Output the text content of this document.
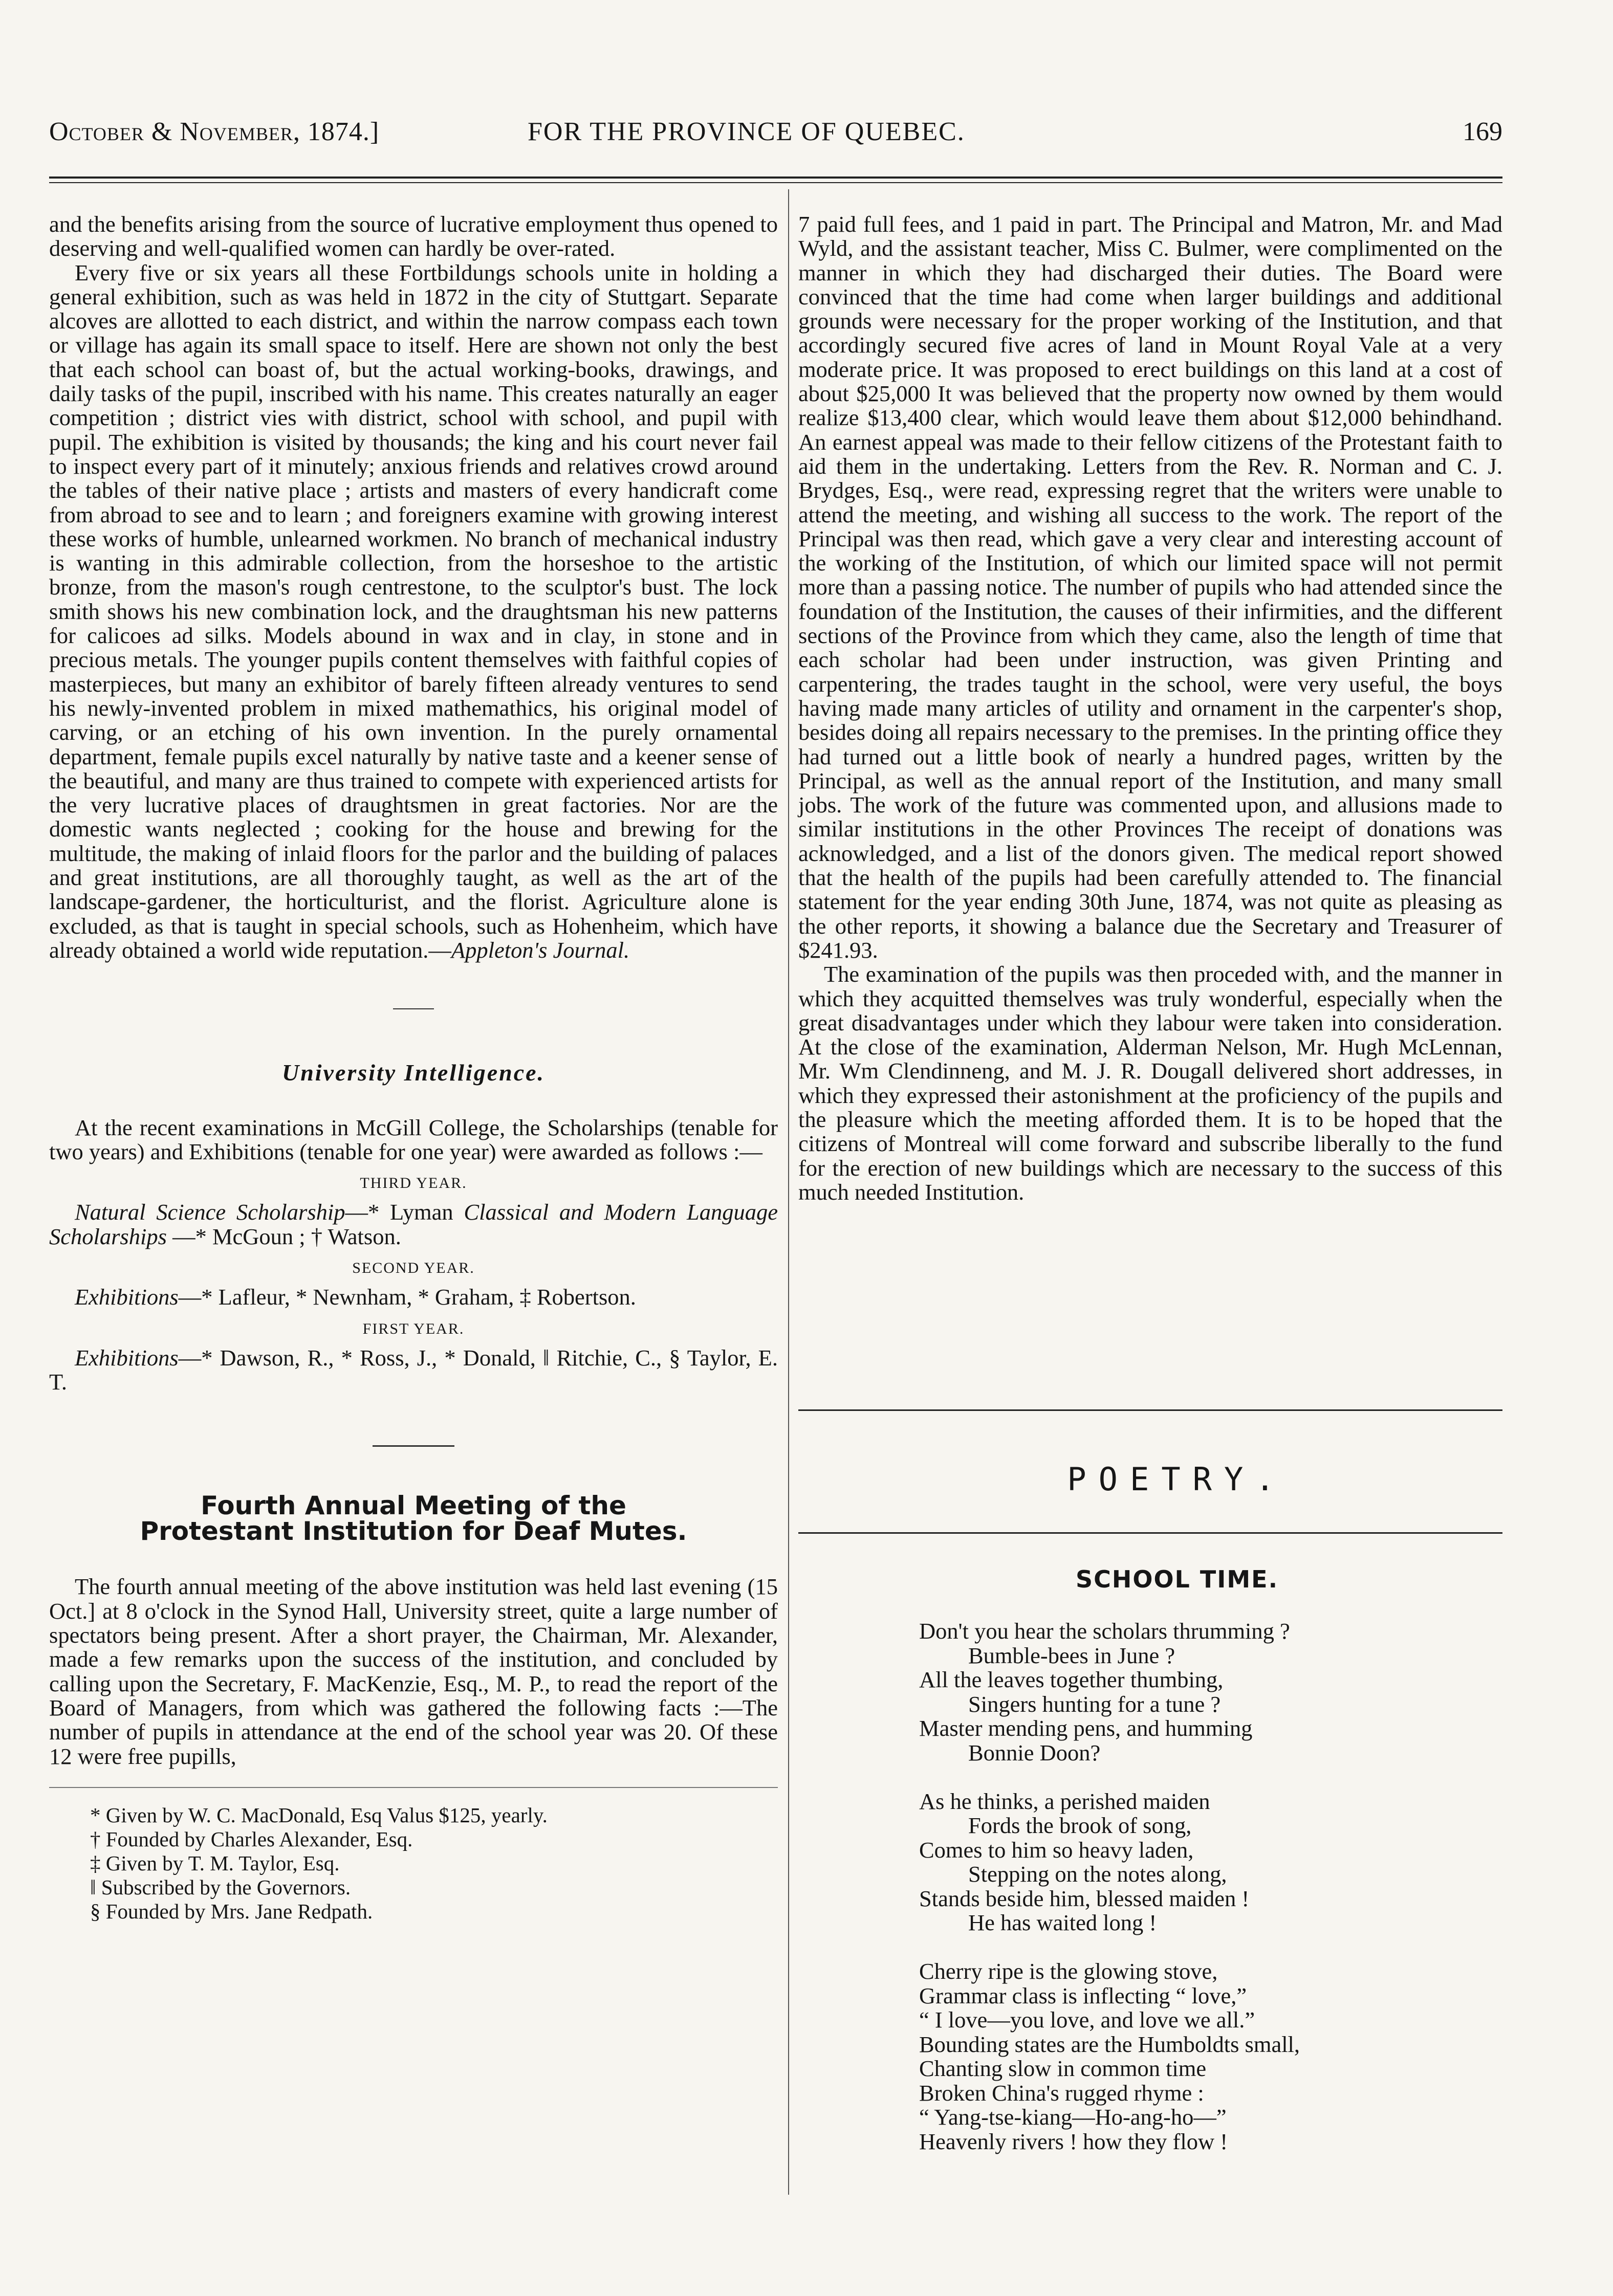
October & November, 1874.]	FOR THE PROVINCE OF QUEBEC.	169

and the benefits arising from the source of lucrative employment thus opened to deserving and well-qualified women can hardly be over-rated.

Every five or six years all these Fortbildungs schools unite in holding a general exhibition, such as was held in 1872 in the city of Stuttgart. Separate alcoves are allotted to each district, and within the narrow compass each town or village has again its small space to itself. Here are shown not only the best that each school can boast of, but the actual working-books, drawings, and daily tasks of the pupil, inscribed with his name. This creates naturally an eager competition ; district vies with district, school with school, and pupil with pupil. The exhibition is visited by thousands; the king and his court never fail to inspect every part of it minutely; anxious friends and relatives crowd around the tables of their native place ; artists and masters of every handicraft come from abroad to see and to learn ; and foreigners examine with growing interest these works of humble, unlearned workmen. No branch of mechanical industry is wanting in this admirable collection, from the horseshoe to the artistic bronze, from the mason's rough centrestone, to the sculptor's bust. The lock smith shows his new combination lock, and the draughtsman his new patterns for calicoes ad silks. Models abound in wax and in clay, in stone and in precious metals. The younger pupils content themselves with faithful copies of masterpieces, but many an exhibitor of barely fifteen already ventures to send his newly-invented problem in mixed mathemathics, his original model of carving, or an etching of his own invention. In the purely ornamental department, female pupils excel naturally by native taste and a keener sense of the beautiful, and many are thus trained to compete with experienced artists for the very lucrative places of draughtsmen in great factories. Nor are the domestic wants neglected ; cooking for the house and brewing for the multitude, the making of inlaid floors for the parlor and the building of palaces and great institutions, are all thoroughly taught, as well as the art of the landscape-gardener, the horticulturist, and the florist. Agriculture alone is excluded, as that is taught in special schools, such as Hohenheim, which have already obtained a world wide reputation.—Appleton's Journal.

University Intelligence.

At the recent examinations in McGill College, the Scholarships (tenable for two years) and Exhibitions (tenable for one year) were awarded as follows :—

THIRD YEAR.

Natural Science Scholarship—* Lyman Classical and Modern Language Scholarships —* McGoun ; † Watson.

SECOND YEAR.

Exhibitions—* Lafleur, * Newnham, * Graham, ‡ Robertson.

FIRST YEAR.

Exhibitions—* Dawson, R., * Ross, J., * Donald, ‖ Ritchie, C., § Taylor, E. T.

Fourth Annual Meeting of the Protestant Institution for Deaf Mutes.

The fourth annual meeting of the above institution was held last evening (15 Oct.] at 8 o'clock in the Synod Hall, University street, quite a large number of spectators being present. After a short prayer, the Chairman, Mr. Alexander, made a few remarks upon the success of the institution, and concluded by calling upon the Secretary, F. MacKenzie, Esq., M. P., to read the report of the Board of Managers, from which was gathered the following facts :—The number of pupils in attendance at the end of the school year was 20. Of these 12 were free pupills,

* Given by W. C. MacDonald, Esq Valus $125, yearly.

† Founded by Charles Alexander, Esq.

‡ Given by T. M. Taylor, Esq.

‖ Subscribed by the Governors.

§ Founded by Mrs. Jane Redpath.

7 paid full fees, and 1 paid in part. The Principal and Matron, Mr. and Mad Wyld, and the assistant teacher, Miss C. Bulmer, were complimented on the manner in which they had discharged their duties. The Board were convinced that the time had come when larger buildings and additional grounds were necessary for the proper working of the Institution, and that accordingly secured five acres of land in Mount Royal Vale at a very moderate price. It was proposed to erect buildings on this land at a cost of about $25,000 It was believed that the property now owned by them would realize $13,400 clear, which would leave them about $12,000 behindhand. An earnest appeal was made to their fellow citizens of the Protestant faith to aid them in the undertaking. Letters from the Rev. R. Norman and C. J. Brydges, Esq., were read, expressing regret that the writers were unable to attend the meeting, and wishing all success to the work. The report of the Principal was then read, which gave a very clear and interesting account of the working of the Institution, of which our limited space will not permit more than a passing notice. The number of pupils who had attended since the foundation of the Institution, the causes of their infirmities, and the different sections of the Province from which they came, also the length of time that each scholar had been under instruction, was given Printing and carpentering, the trades taught in the school, were very useful, the boys having made many articles of utility and ornament in the carpenter's shop, besides doing all repairs necessary to the premises. In the printing office they had turned out a little book of nearly a hundred pages, written by the Principal, as well as the annual report of the Institution, and many small jobs. The work of the future was commented upon, and allusions made to similar institutions in the other Provinces The receipt of donations was acknowledged, and a list of the donors given. The medical report showed that the health of the pupils had been carefully attended to. The financial statement for the year ending 30th June, 1874, was not quite as pleasing as the other reports, it showing a balance due the Secretary and Treasurer of $241.93.

The examination of the pupils was then proceded with, and the manner in which they acquitted themselves was truly wonderful, especially when the great disadvantages under which they labour were taken into consideration. At the close of the examination, Alderman Nelson, Mr. Hugh McLennan, Mr. Wm Clendinneng, and M. J. R. Dougall delivered short addresses, in which they expressed their astonishment at the proficiency of the pupils and the pleasure which the meeting afforded them. It is to be hoped that the citizens of Montreal will come forward and subscribe liberally to the fund for the erection of new buildings which are necessary to the success of this much needed Institution.

POETRY.
SCHOOL TIME.

Don't you hear the scholars thrumming ?

Bumble-bees in June ?

All the leaves together thumbing,

Singers hunting for a tune ?

Master mending pens, and humming

Bonnie Doon?

As he thinks, a perished maiden

Fords the brook of song,

Comes to him so heavy laden,

Stepping on the notes along,

Stands beside him, blessed maiden !

He has waited long !

Cherry ripe is the glowing stove,

Grammar class is inflecting “ love,”

“ I love—you love, and love we all.”

Bounding states are the Humboldts small,

Chanting slow in common time

Broken China's rugged rhyme :

“ Yang-tse-kiang—Ho-ang-ho—”

Heavenly rivers ! how they flow !
